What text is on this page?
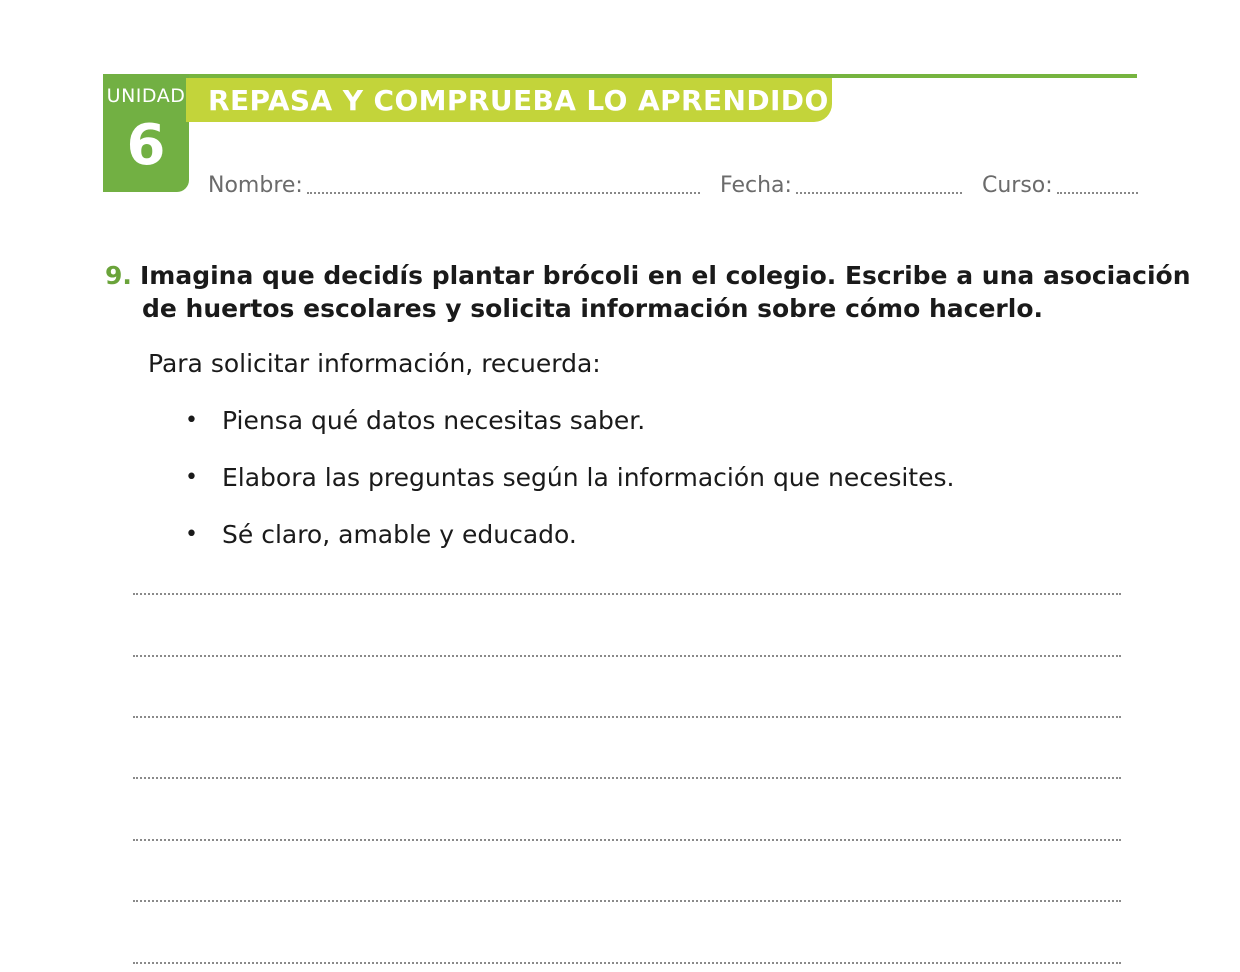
UNIDAD
6
REPASA Y COMPRUEBA LO APRENDIDO
Nombre:	Fecha:	Curso:
9. Imagina que decidís plantar brócoli en el colegio. Escribe a una asociación
de huertos escolares y solicita información sobre cómo hacerlo.
Para solicitar información, recuerda:
• Piensa qué datos necesitas saber.
• Elabora las preguntas según la información que necesites.
• Sé claro, amable y educado.
